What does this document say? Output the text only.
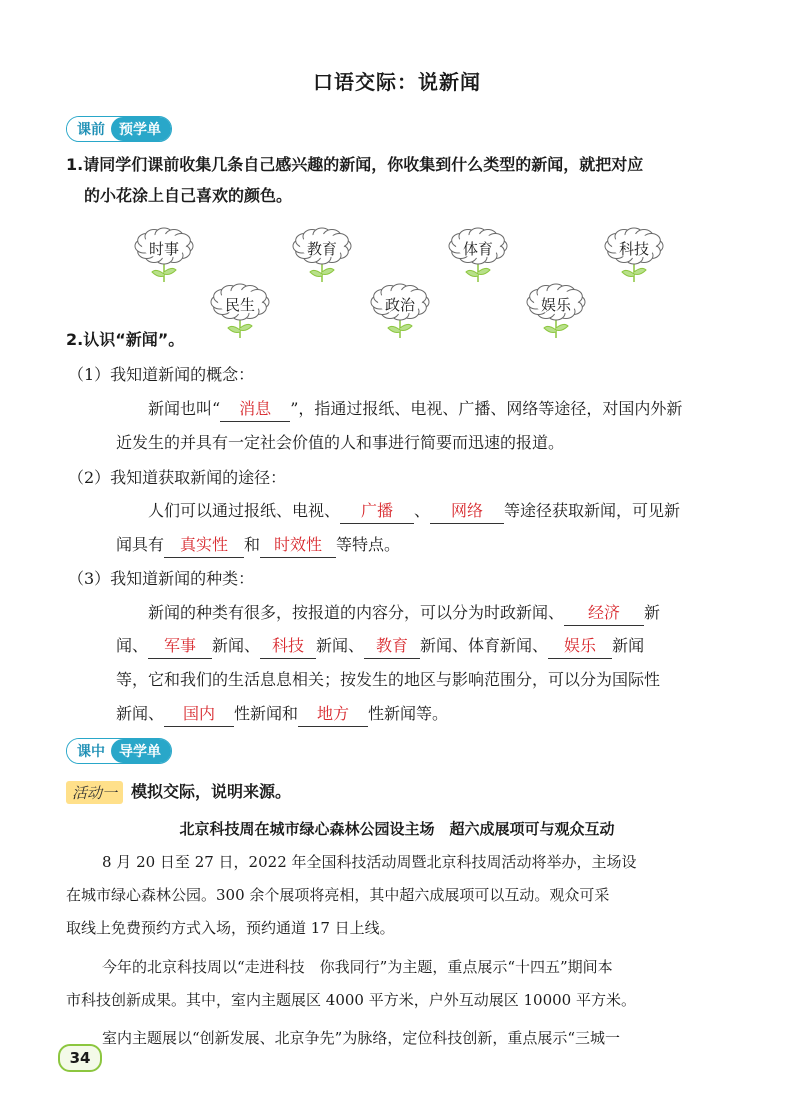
口语交际：说新闻
课前	预学单
1.请同学们课前收集几条自己感兴趣的新闻，你收集到什么类型的新闻，就把对应
的小花涂上自己喜欢的颜色。
时事	教育	体育	科技
民生	政治	娱乐
2.认识“新闻”。
（1）我知道新闻的概念：
新闻也叫“ 消息 ”，指通过报纸、电视、广播、网络等途径，对国内外新
近发生的并具有一定社会价值的人和事进行简要而迅速的报道。
（2）我知道获取新闻的途径：
人们可以通过报纸、电视、 广播 、 网络 等途径获取新闻，可见新
闻具有 真实性 和 时效性 等特点。
（3）我知道新闻的种类：
新闻的种类有很多，按报道的内容分，可以分为时政新闻、 经济 新
闻、 军事 新闻、 科技 新闻、 教育 新闻、体育新闻、 娱乐 新闻
等，它和我们的生活息息相关；按发生的地区与影响范围分，可以分为国际性
新闻、 国内 性新闻和 地方 性新闻等。
课中	导学单
活动一 模拟交际，说明来源。
北京科技周在城市绿心森林公园设主场　超六成展项可与观众互动
8 月 20 日至 27 日，2022 年全国科技活动周暨北京科技周活动将举办，主场设
在城市绿心森林公园。300 余个展项将亮相，其中超六成展项可以互动。观众可采
取线上免费预约方式入场，预约通道 17 日上线。
今年的北京科技周以“走进科技　你我同行”为主题，重点展示“十四五”期间本
市科技创新成果。其中，室内主题展区 4000 平方米，户外互动展区 10000 平方米。
室内主题展以“创新发展、北京争先”为脉络，定位科技创新，重点展示“三城一
34
